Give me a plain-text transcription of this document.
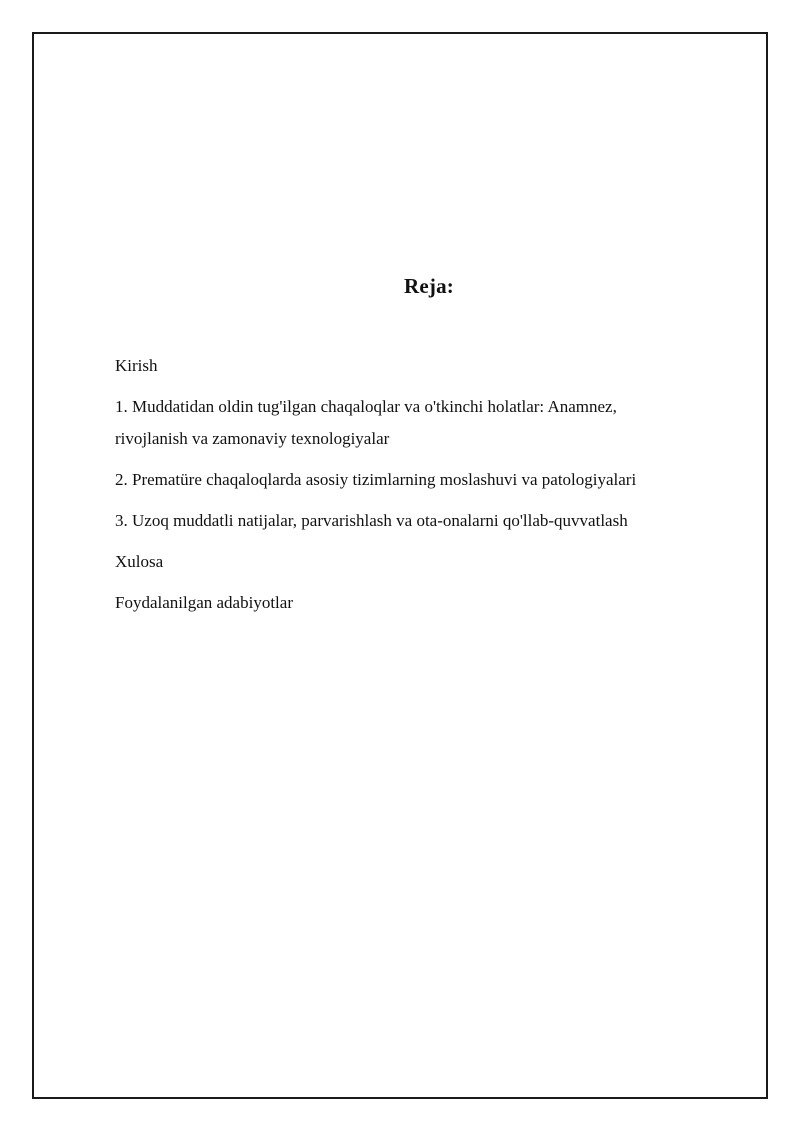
Reja:
Kirish
1. Muddatidan oldin tug'ilgan chaqaloqlar va o'tkinchi holatlar: Anamnez,
rivojlanish va zamonaviy texnologiyalar
2. Prematüre chaqaloqlarda asosiy tizimlarning moslashuvi va patologiyalari
3. Uzoq muddatli natijalar, parvarishlash va ota-onalarni qo'llab-quvvatlash
Xulosa
Foydalanilgan adabiyotlar
